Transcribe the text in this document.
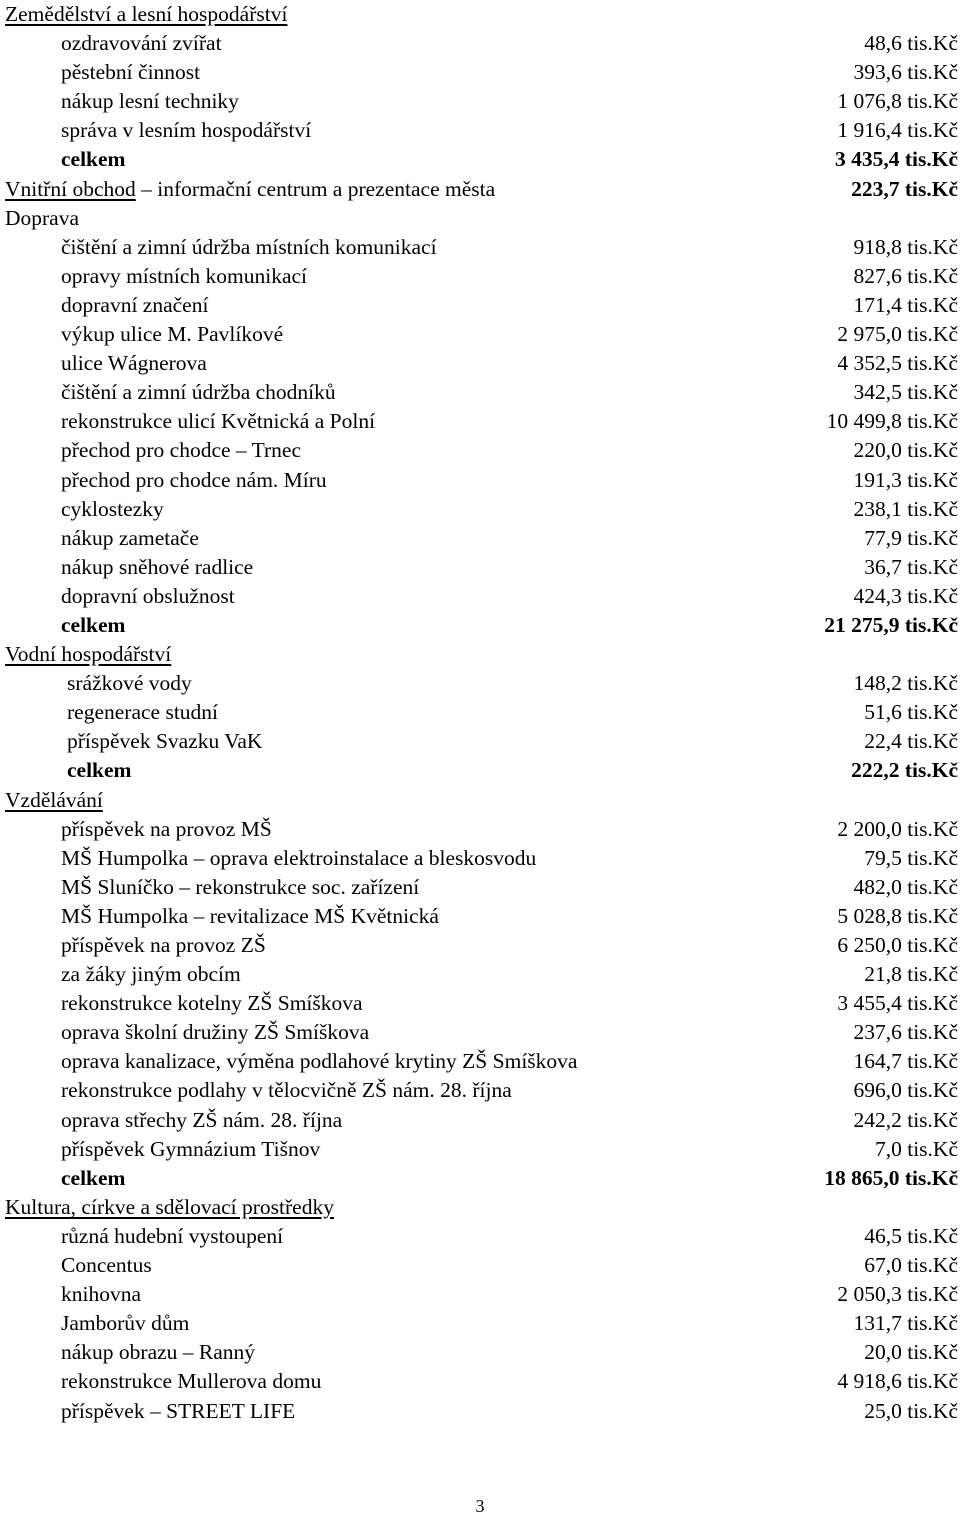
Zemědělství a lesní hospodářství
ozdravování zvířat	48,6 tis.Kč
pěstební činnost	393,6 tis.Kč
nákup lesní techniky	1 076,8 tis.Kč
správa v lesním hospodářství	1 916,4 tis.Kč
celkem	3 435,4 tis.Kč
Vnitřní obchod – informační centrum a prezentace města	223,7 tis.Kč
Doprava
čištění a zimní údržba místních komunikací	918,8 tis.Kč
opravy místních komunikací	827,6 tis.Kč
dopravní značení	171,4 tis.Kč
výkup ulice M. Pavlíkové	2 975,0 tis.Kč
ulice Wágnerova	4 352,5 tis.Kč
čištění a zimní údržba chodníků	342,5 tis.Kč
rekonstrukce ulicí Květnická a Polní	10 499,8 tis.Kč
přechod pro chodce – Trnec	220,0 tis.Kč
přechod pro chodce nám. Míru	191,3 tis.Kč
cyklostezky	238,1 tis.Kč
nákup zametače	77,9 tis.Kč
nákup sněhové radlice	36,7 tis.Kč
dopravní obslužnost	424,3 tis.Kč
celkem	21 275,9 tis.Kč
Vodní hospodářství
srážkové vody	148,2 tis.Kč
regenerace studní	51,6 tis.Kč
příspěvek Svazku VaK	22,4 tis.Kč
celkem	222,2 tis.Kč
Vzdělávání
příspěvek na provoz MŠ	2 200,0 tis.Kč
MŠ Humpolka – oprava elektroinstalace a bleskosvodu	79,5 tis.Kč
MŠ Sluníčko – rekonstrukce soc. zařízení	482,0 tis.Kč
MŠ Humpolka – revitalizace MŠ Květnická	5 028,8 tis.Kč
příspěvek na provoz ZŠ	6 250,0 tis.Kč
za žáky jiným obcím	21,8 tis.Kč
rekonstrukce kotelny ZŠ Smíškova	3 455,4 tis.Kč
oprava školní družiny ZŠ Smíškova	237,6 tis.Kč
oprava kanalizace, výměna podlahové krytiny ZŠ Smíškova	164,7 tis.Kč
rekonstrukce podlahy v tělocvičně ZŠ nám. 28. října	696,0 tis.Kč
oprava střechy ZŠ nám. 28. října	242,2 tis.Kč
příspěvek Gymnázium Tišnov	7,0 tis.Kč
celkem	18 865,0 tis.Kč
Kultura, církve a sdělovací prostředky
různá hudební vystoupení	46,5 tis.Kč
Concentus	67,0 tis.Kč
knihovna	2 050,3 tis.Kč
Jamborův dům	131,7 tis.Kč
nákup obrazu – Ranný	20,0 tis.Kč
rekonstrukce Mullerova domu	4 918,6 tis.Kč
příspěvek – STREET LIFE	25,0 tis.Kč
3
